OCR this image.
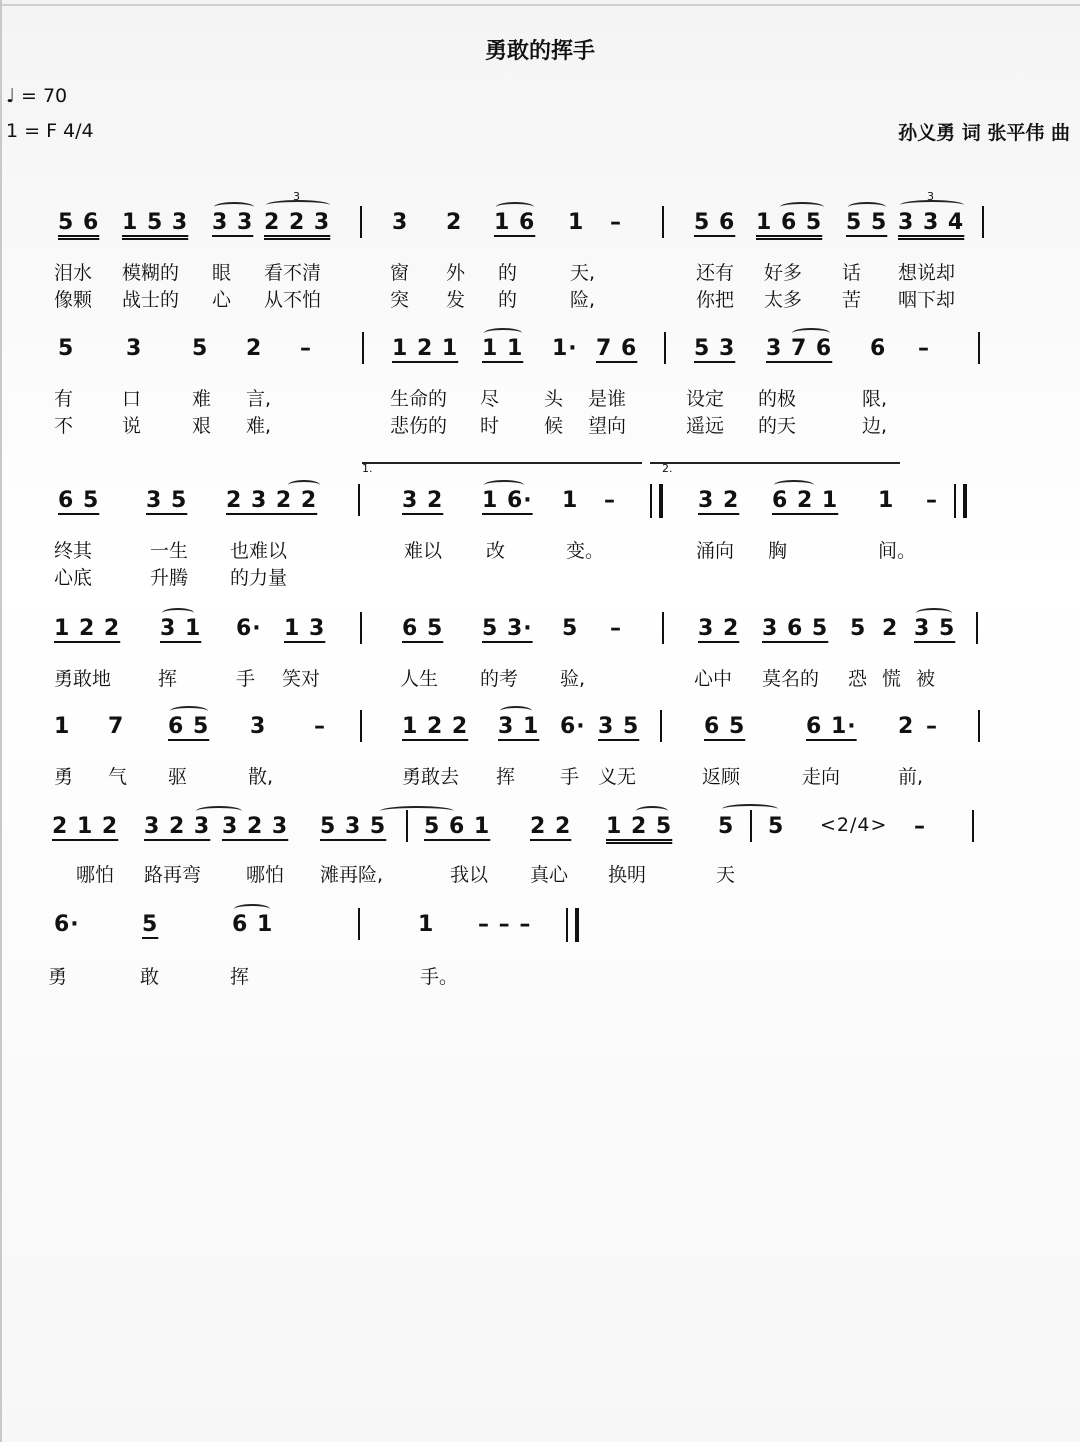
勇敢的挥手
♩ = 70
1 = F 4/4	孙义勇 词 张平伟 曲
5 6 1 5 3 3 3 2 2 3
3
3 2 1 6 1 –	5 6 1 6 5 5 5 3 3 4
3
泪水 模糊的 眼 看不清	窗 外 的	天,	还有 好多 话 想说却
像颗 战士的 心 从不怕	突 发 的	险,	你把 太多 苦 咽下却
5 3 5 2 –	1 2 1 1 1 1· 7 6	5 3 3 7 6 6 –
有	口	难 言,	生命的 尽 头 是谁	设定 的极	限,
不	说	艰 难,	悲伤的 时 候 望向	遥远 的天	边,
1.	2.
6 5 3 5 2 3 2 2	3 2 1 6· 1 –	3 2 6 2 1 1 –
终其	一生 也难以	难以 改	变。	涌向 胸	间。
心底	升腾 的力量
1 2 2 3 1 6· 1 3	6 5 5 3· 5 –	3 2 3 6 5 5 2 3 5
勇敢地 挥	手 笑对	人生 的考 验,	心中 莫名的 恐 慌 被
1 7 6 5 3 –	1 2 2 3 1 6· 3 5	6 5	6 1· 2 –
勇 气 驱	散,	勇敢去 挥 手 义无	返顾	走向	前,
2 1 2 3 2 3 3 2 3 5 3 5 5 6 1 2 2 1 2 5 5 5 <2/4> –
哪怕 路再弯 哪怕 滩再险,	我以 真心 换明	天
6·	5	6 1	1 – – –
勇	敢	挥	手。
